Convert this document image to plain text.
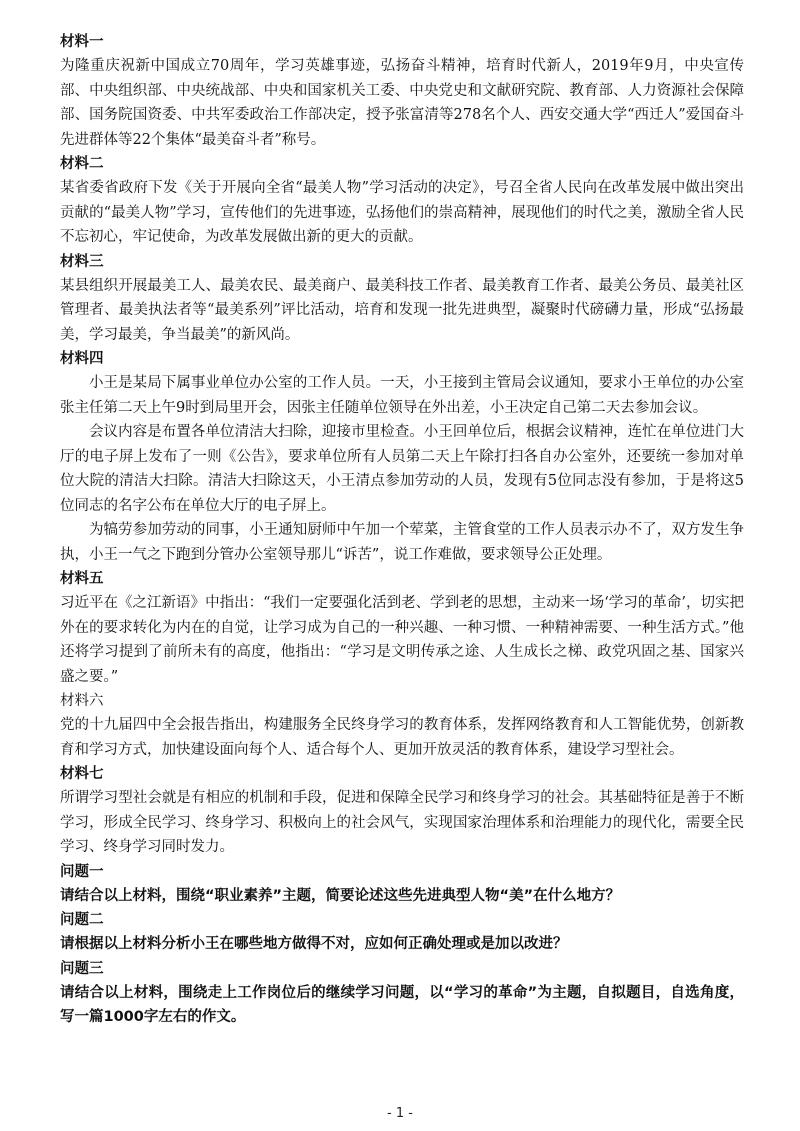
材料一

为隆重庆祝新中国成立70周年，学习英雄事迹，弘扬奋斗精神，培育时代新人，2019年9月，中央宣传部、中央组织部、中央统战部、中央和国家机关工委、中央党史和文献研究院、教育部、人力资源社会保障部、国务院国资委、中共军委政治工作部决定，授予张富清等278名个人、西安交通大学“西迁人”爱国奋斗先进群体等22个集体“最美奋斗者”称号。

材料二

某省委省政府下发《关于开展向全省“最美人物”学习活动的决定》，号召全省人民向在改革发展中做出突出贡献的“最美人物”学习，宣传他们的先进事迹，弘扬他们的崇高精神，展现他们的时代之美，激励全省人民不忘初心，牢记使命，为改革发展做出新的更大的贡献。

材料三

某县组织开展最美工人、最美农民、最美商户、最美科技工作者、最美教育工作者、最美公务员、最美社区管理者、最美执法者等“最美系列”评比活动，培育和发现一批先进典型，凝聚时代磅礴力量，形成“弘扬最美，学习最美，争当最美”的新风尚。

材料四

小王是某局下属事业单位办公室的工作人员。一天，小王接到主管局会议通知，要求小王单位的办公室张主任第二天上午9时到局里开会，因张主任随单位领导在外出差，小王决定自己第二天去参加会议。

会议内容是布置各单位清洁大扫除，迎接市里检查。小王回单位后，根据会议精神，连忙在单位进门大厅的电子屏上发布了一则《公告》，要求单位所有人员第二天上午除打扫各自办公室外，还要统一参加对单位大院的清洁大扫除。清洁大扫除这天，小王清点参加劳动的人员，发现有5位同志没有参加，于是将这5位同志的名字公布在单位大厅的电子屏上。

为犒劳参加劳动的同事，小王通知厨师中午加一个荤菜，主管食堂的工作人员表示办不了，双方发生争执，小王一气之下跑到分管办公室领导那儿“诉苦”，说工作难做，要求领导公正处理。

材料五

习近平在《之江新语》中指出：“我们一定要强化活到老、学到老的思想，主动来一场‘学习的革命’，切实把外在的要求转化为内在的自觉，让学习成为自己的一种兴趣、一种习惯、一种精神需要、一种生活方式。”他还将学习提到了前所未有的高度，他指出：“学习是文明传承之途、人生成长之梯、政党巩固之基、国家兴盛之要。”

材料六

党的十九届四中全会报告指出，构建服务全民终身学习的教育体系，发挥网络教育和人工智能优势，创新教育和学习方式，加快建设面向每个人、适合每个人、更加开放灵活的教育体系，建设学习型社会。

材料七

所谓学习型社会就是有相应的机制和手段，促进和保障全民学习和终身学习的社会。其基础特征是善于不断学习，形成全民学习、终身学习、积极向上的社会风气，实现国家治理体系和治理能力的现代化，需要全民学习、终身学习同时发力。

问题一

请结合以上材料，围绕“职业素养”主题，简要论述这些先进典型人物“美”在什么地方？

问题二

请根据以上材料分析小王在哪些地方做得不对，应如何正确处理或是加以改进？

问题三

请结合以上材料，围绕走上工作岗位后的继续学习问题，以“学习的革命”为主题，自拟题目，自选角度，写一篇1000字左右的作文。

- 1 -
